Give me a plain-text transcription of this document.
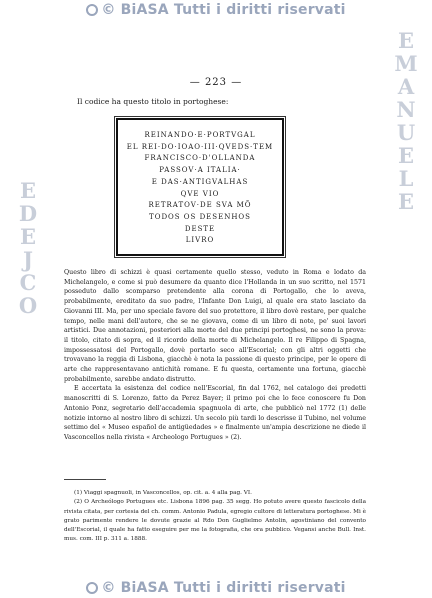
© BiASA Tutti i diritti riservati
E
D
E
J
C
O
E
M
A
N
U
E
L
E
— 223 —
Il codice ha questo titolo in portoghese:
REINANDO·E·PORTVGAL
EL REI·DO·IOAO·III·QVEDS·TEM
FRANCISCO·D'OLLANDA
PASSOV·A ITALIA·
E DAS·ANTIGVALHAS
QVE VIO
RETRATOV·DE SVA MÕ
TODOS OS DESENHOS
DESTE
LIVRO

Questo libro di schizzi è quasi certamente quello stesso, veduto in Roma e lodato da Michelangelo, e come si può desumere da quanto dice l'Hollanda in un suo scritto, nel 1571 posseduto dallo scomparso pretendente alla corona di Portogallo, che lo aveva, probabilmente, ereditato da suo padre, l'Infante Don Luigi, al quale era stato lasciato da Giovanni III. Ma, per uno speciale favore del suo protettore, il libro dovè restare, per qualche tempo, nelle mani dell'autore, che se ne giovava, come di un libro di note, pe' suoi lavori artistici. Due annotazioni, posteriori alla morte del due principi portoghesi, ne sono la prova: il titolo, citato di sopra, ed il ricordo della morte di Michelangelo. Il re Filippo di Spagna, impossessatosi del Portogallo, dovè portarlo seco all'Escorial; con gli altri oggetti che trovavano la reggia di Lisbona, giacchè è nota la passione di questo principe, per le opere di arte che rappresentavano antichità romane. E fu questa, certamente una fortuna, giacchè probabilmente, sarebbe andato distrutto.

E accertata la esistenza del codice nell'Escorial, fin dal 1762, nel catalogo dei predetti manoscritti di S. Lorenzo, fatto da Perez Bayer; il primo poi che lo fece conoscere fu Don Antonio Ponz, segretario dell'accademia spagnuola di arte, che pubblicò nel 1772 (1) delle notizie intorno al nostro libro di schizzi. Un secolo più tardi lo descrisse il Tubino, nel volume settimo del « Museo español de antigüedades » e finalmente un'ampia descrizione ne diede il Vasconcellos nella rivista « Archeologo Portugues » (2).

(1) Viaggi spagnuoli, in Vasconcellos, op. cit. a. 4 alla pag. VI.

(2) O Archeólogo Portugues etc. Lisbona 1896 pag. 35 segg. Ho potuto avere questo fascicolo della rivista citata, per cortesia del ch. comm. Antonio Padula, egregio cultore di letteratura portoghese. Mi è grato parimente rendere le dovute grazie al Rdo Don Guglielmo Antolin, agostiniano del convento dell'Escorial, il quale ha fatto eseguire per me la fotografia, che ora pubblico. Vegansi anche Bull. Inst. mus. com. III p. 311 a. 1888.

© BiASA Tutti i diritti riservati
